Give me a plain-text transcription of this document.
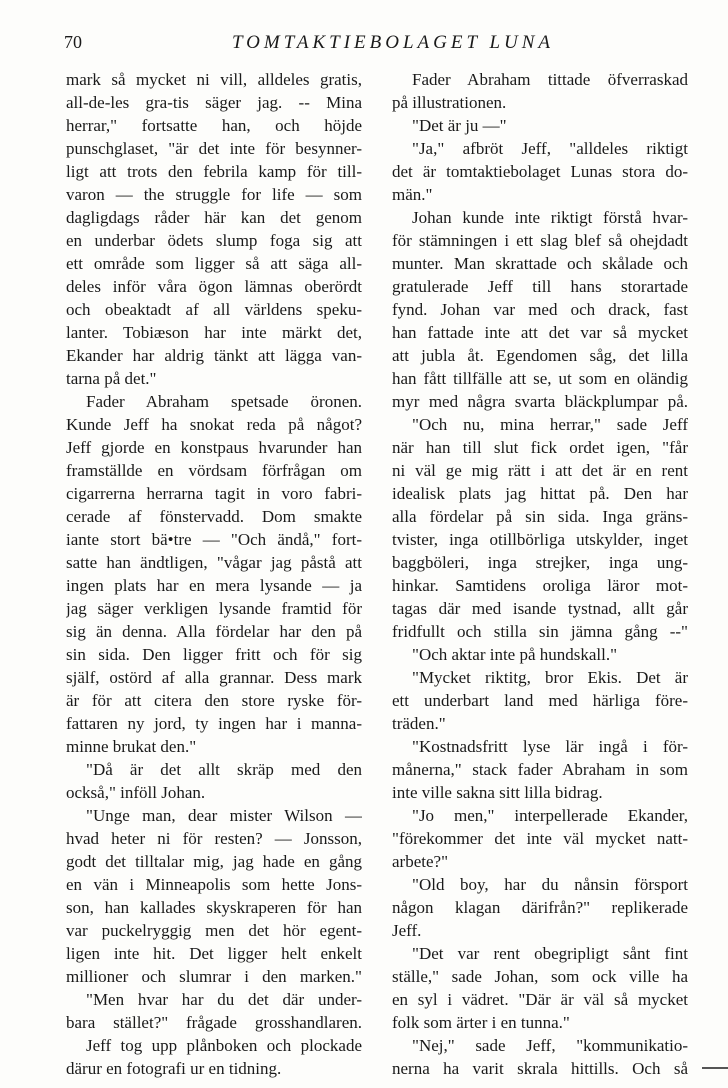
70	TOMTAKTIEBOLAGET LUNA
mark så mycket ni vill, alldeles gratis,
all-de-les gra-tis säger jag. -- Mina
herrar," fortsatte han, och höjde
punschglaset, "är det inte för besynner-
ligt att trots den febrila kamp för till-
varon — the struggle for life — som
dagligdags råder här kan det genom
en underbar ödets slump foga sig att
ett område som ligger så att säga all-
deles inför våra ögon lämnas oberördt
och obeaktadt af all världens speku-
lanter. Tobiæson har inte märkt det,
Ekander har aldrig tänkt att lägga van-
tarna på det."
Fader Abraham spetsade öronen.
Kunde Jeff ha snokat reda på något?
Jeff gjorde en konstpaus hvarunder han
framställde en vördsam förfrågan om
cigarrerna herrarna tagit in voro fabri-
cerade af fönstervadd. Dom smakte
iante stort bä•tre — "Och ändå," fort-
satte han ändtligen, "vågar jag påstå att
ingen plats har en mera lysande — ja
jag säger verkligen lysande framtid för
sig än denna. Alla fördelar har den på
sin sida. Den ligger fritt och för sig
själf, ostörd af alla grannar. Dess mark
är för att citera den store ryske för-
fattaren ny jord, ty ingen har i manna-
minne brukat den."
"Då är det allt skräp med den
också," inföll Johan.
"Unge man, dear mister Wilson —
hvad heter ni för resten? — Jonsson,
godt det tilltalar mig, jag hade en gång
en vän i Minneapolis som hette Jons-
son, han kallades skyskraperen för han
var puckelryggig men det hör egent-
ligen inte hit. Det ligger helt enkelt
millioner och slumrar i den marken."
"Men hvar har du det där under-
bara stället?" frågade grosshandlaren.
Jeff tog upp plånboken och plockade
därur en fotografi ur en tidning.
Fader Abraham tittade öfverraskad
på illustrationen.
"Det är ju —"
"Ja," afbröt Jeff, "alldeles riktigt
det är tomtaktiebolaget Lunas stora do-
män."
Johan kunde inte riktigt förstå hvar-
för stämningen i ett slag blef så ohejdadt
munter. Man skrattade och skålade och
gratulerade Jeff till hans storartade
fynd. Johan var med och drack, fast
han fattade inte att det var så mycket
att jubla åt. Egendomen såg, det lilla
han fått tillfälle att se, ut som en oländig
myr med några svarta bläckplumpar på.
"Och nu, mina herrar," sade Jeff
när han till slut fick ordet igen, "får
ni väl ge mig rätt i att det är en rent
idealisk plats jag hittat på. Den har
alla fördelar på sin sida. Inga gräns-
tvister, inga otillbörliga utskylder, inget
baggböleri, inga strejker, inga ung-
hinkar. Samtidens oroliga läror mot-
tagas där med isande tystnad, allt går
fridfullt och stilla sin jämna gång --"
"Och aktar inte på hundskall."
"Mycket riktitg, bror Ekis. Det är
ett underbart land med härliga före-
träden."
"Kostnadsfritt lyse lär ingå i för-
månerna," stack fader Abraham in som
inte ville sakna sitt lilla bidrag.
"Jo men," interpellerade Ekander,
"förekommer det inte väl mycket natt-
arbete?"
"Old boy, har du nånsin försport
någon klagan därifrån?" replikerade
Jeff.
"Det var rent obegripligt sånt fint
ställe," sade Johan, som ock ville ha
en syl i vädret. "Där är väl så mycket
folk som ärter i en tunna."
"Nej," sade Jeff, "kommunikatio-
nerna ha varit skrala hittills. Och så
